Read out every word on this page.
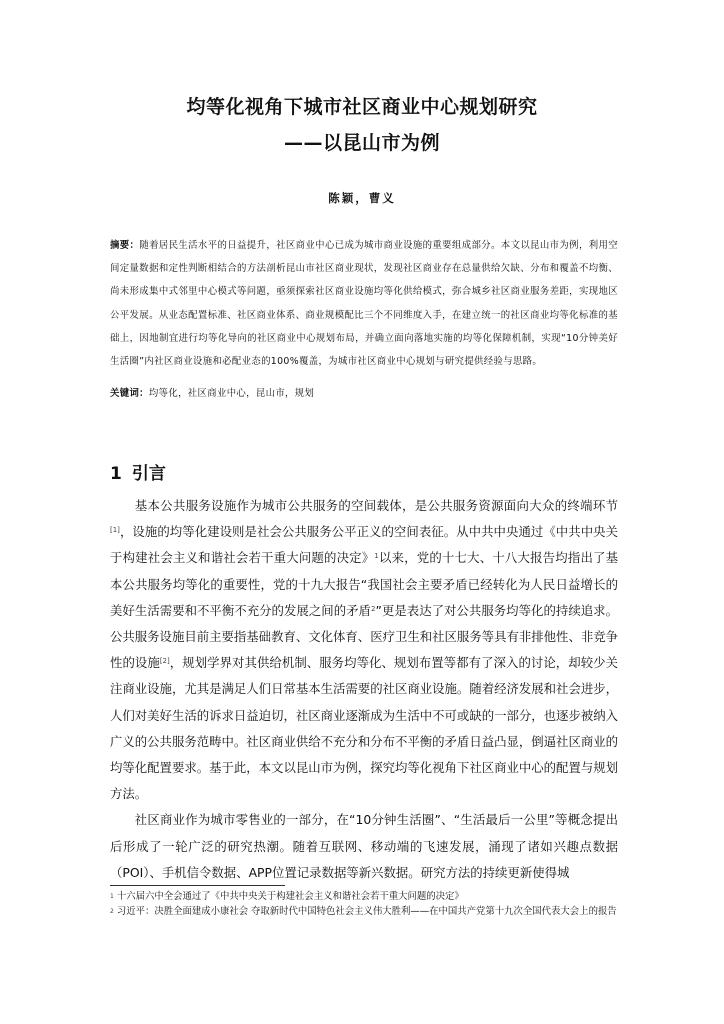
均等化视角下城市社区商业中心规划研究
——以昆山市为例
陈颖，曹义
摘要：随着居民生活水平的日益提升，社区商业中心已成为城市商业设施的重要组成部分。本文以昆山市为例，利用空间定量数据和定性判断相结合的方法剖析昆山市社区商业现状，发现社区商业存在总量供给欠缺、分布和覆盖不均衡、尚未形成集中式邻里中心模式等问题，亟须探索社区商业设施均等化供给模式，弥合城乡社区商业服务差距，实现地区公平发展。从业态配置标准、社区商业体系、商业规模配比三个不同维度入手，在建立统一的社区商业均等化标准的基础上，因地制宜进行均等化导向的社区商业中心规划布局，并确立面向落地实施的均等化保障机制，实现“10分钟美好生活圈”内社区商业设施和必配业态的100%覆盖，为城市社区商业中心规划与研究提供经验与思路。
关键词：均等化，社区商业中心，昆山市，规划
1 引言

基本公共服务设施作为城市公共服务的空间载体，是公共服务资源面向大众的终端环节[1]，设施的均等化建设则是社会公共服务公平正义的空间表征。从中共中央通过《中共中央关于构建社会主义和谐社会若干重大问题的决定》$^1$以来，党的十七大、十八大报告均指出了基本公共服务均等化的重要性，党的十九大报告“我国社会主要矛盾已经转化为人民日益增长的美好生活需要和不平衡不充分的发展之间的矛盾$^2$”更是表达了对公共服务均等化的持续追求。公共服务设施目前主要指基础教育、文化体育、医疗卫生和社区服务等具有非排他性、非竞争性的设施[2]，规划学界对其供给机制、服务均等化、规划布置等都有了深入的讨论，却较少关注商业设施，尤其是满足人们日常基本生活需要的社区商业设施。随着经济发展和社会进步，人们对美好生活的诉求日益迫切，社区商业逐渐成为生活中不可或缺的一部分，也逐步被纳入广义的公共服务范畴中。社区商业供给不充分和分布不平衡的矛盾日益凸显，倒逼社区商业的均等化配置要求。基于此，本文以昆山市为例，探究均等化视角下社区商业中心的配置与规划方法。

社区商业作为城市零售业的一部分，在“10分钟生活圈”、“生活最后一公里”等概念提出后形成了一轮广泛的研究热潮。随着互联网、移动端的飞速发展，涌现了诸如兴趣点数据（POI）、手机信令数据、APP位置记录数据等新兴数据。研究方法的持续更新使得城

$^1$ 十六届六中全会通过了《中共中央关于构建社会主义和谐社会若干重大问题的决定》
$^2$ 习近平：决胜全面建成小康社会 夺取新时代中国特色社会主义伟大胜利——在中国共产党第十九次全国代表大会上的报告
